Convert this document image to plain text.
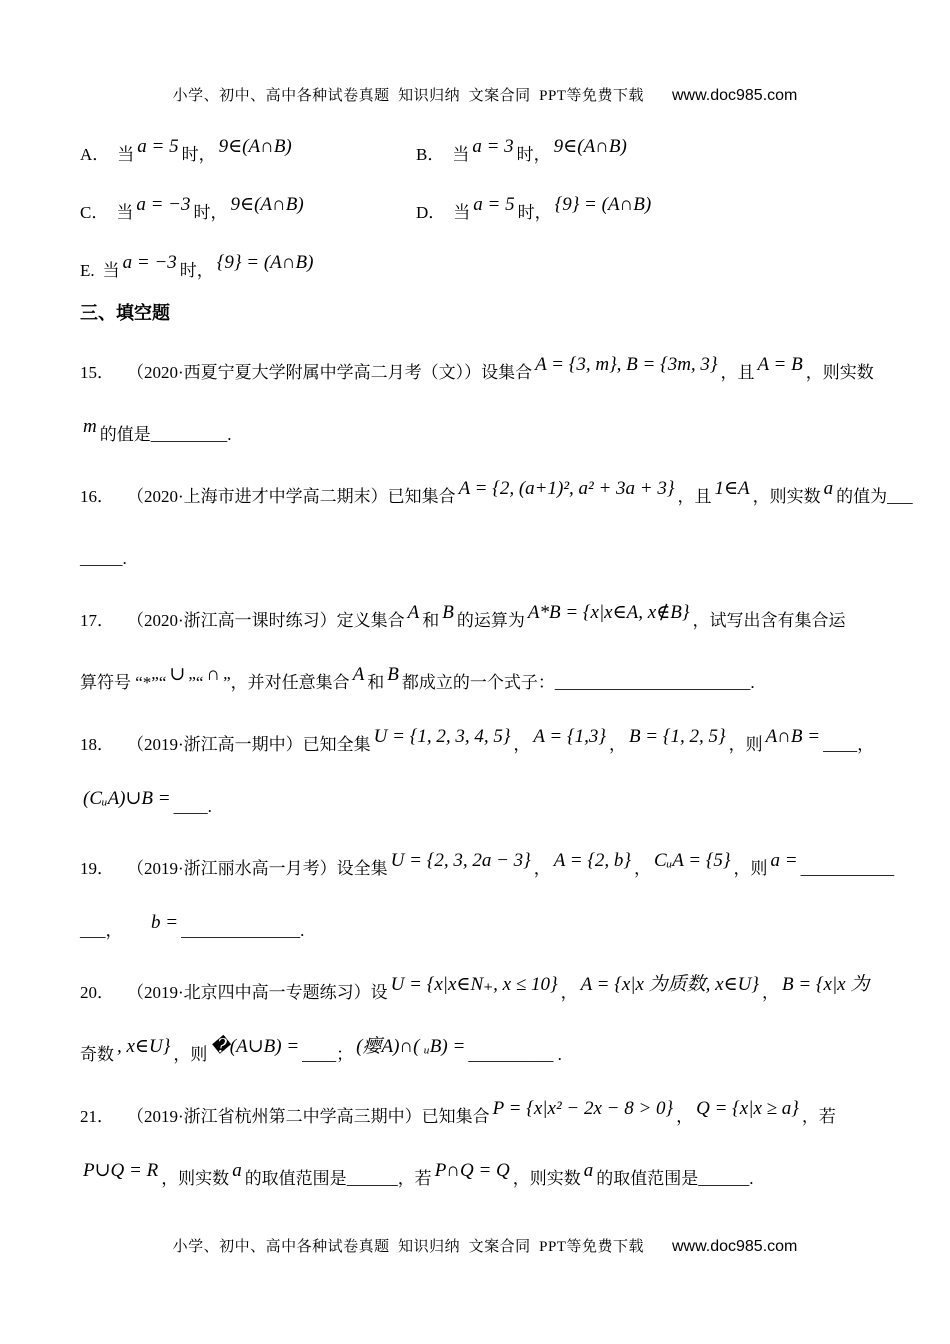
小学、初中、高中各种试卷真题  知识归纳  文案合同  PPT等免费下载 www.doc985.com
A． 当 a = 5 时， 9∈(A∩B)	B． 当 a = 3 时， 9∈(A∩B)
C． 当 a = −3 时， 9∈(A∩B)	D． 当 a = 5 时， {9} = (A∩B)
E. 当 a = −3 时， {9} = (A∩B)
三、填空题
15． （2020·西夏宁夏大学附属中学高二月考（文））设集合 A = {3, m}, B = {3m, 3} ，且 A = B ，则实数
m 的值是 _________ .
16． （2020·上海市进才中学高二期末）已知集合 A = {2, (a+1)², a² + 3a + 3} ，且 1∈A ，则实数 a 的值为 ___
_____ .
17． （2020·浙江高一课时练习）定义集合 A 和 B 的运算为 A*B = {x|x∈A, x∉B} ，试写出含有集合运
算符号 “*”“ ∪ ”“ ∩ ”，并对任意集合 A 和 B 都成立的一个式子： _______________________ .
18． （2019·浙江高一期中）已知全集 U = {1, 2, 3, 4, 5} ， A = {1,3} ， B = {1, 2, 5} ，则 A∩B = ____ ，
(CᵤA)∪B = ____ .
19． （2019·浙江丽水高一月考）设全集 U = {2, 3, 2a − 3} ， A = {2, b} ， CᵤA = {5} ，则 a = ___________
___ ， b = ______________ .
20． （2019·北京四中高一专题练习）设 U = {x|x∈N₊, x ≤ 10} ， A = {x|x 为质数, x∈U} ， B = {x|x 为
奇数 , x∈U} ，则 �(A∪B) = ____ ； (瘿A)∩( ᵤB) = __________ .
21． （2019·浙江省杭州第二中学高三期中）已知集合 P = {x|x² − 2x − 8 > 0} ， Q = {x|x ≥ a} ，若
P∪Q = R ，则实数 a 的取值范围是 ______ ，若 P∩Q = Q ，则实数 a 的取值范围是 ______ .
小学、初中、高中各种试卷真题  知识归纳  文案合同  PPT等免费下载 www.doc985.com
